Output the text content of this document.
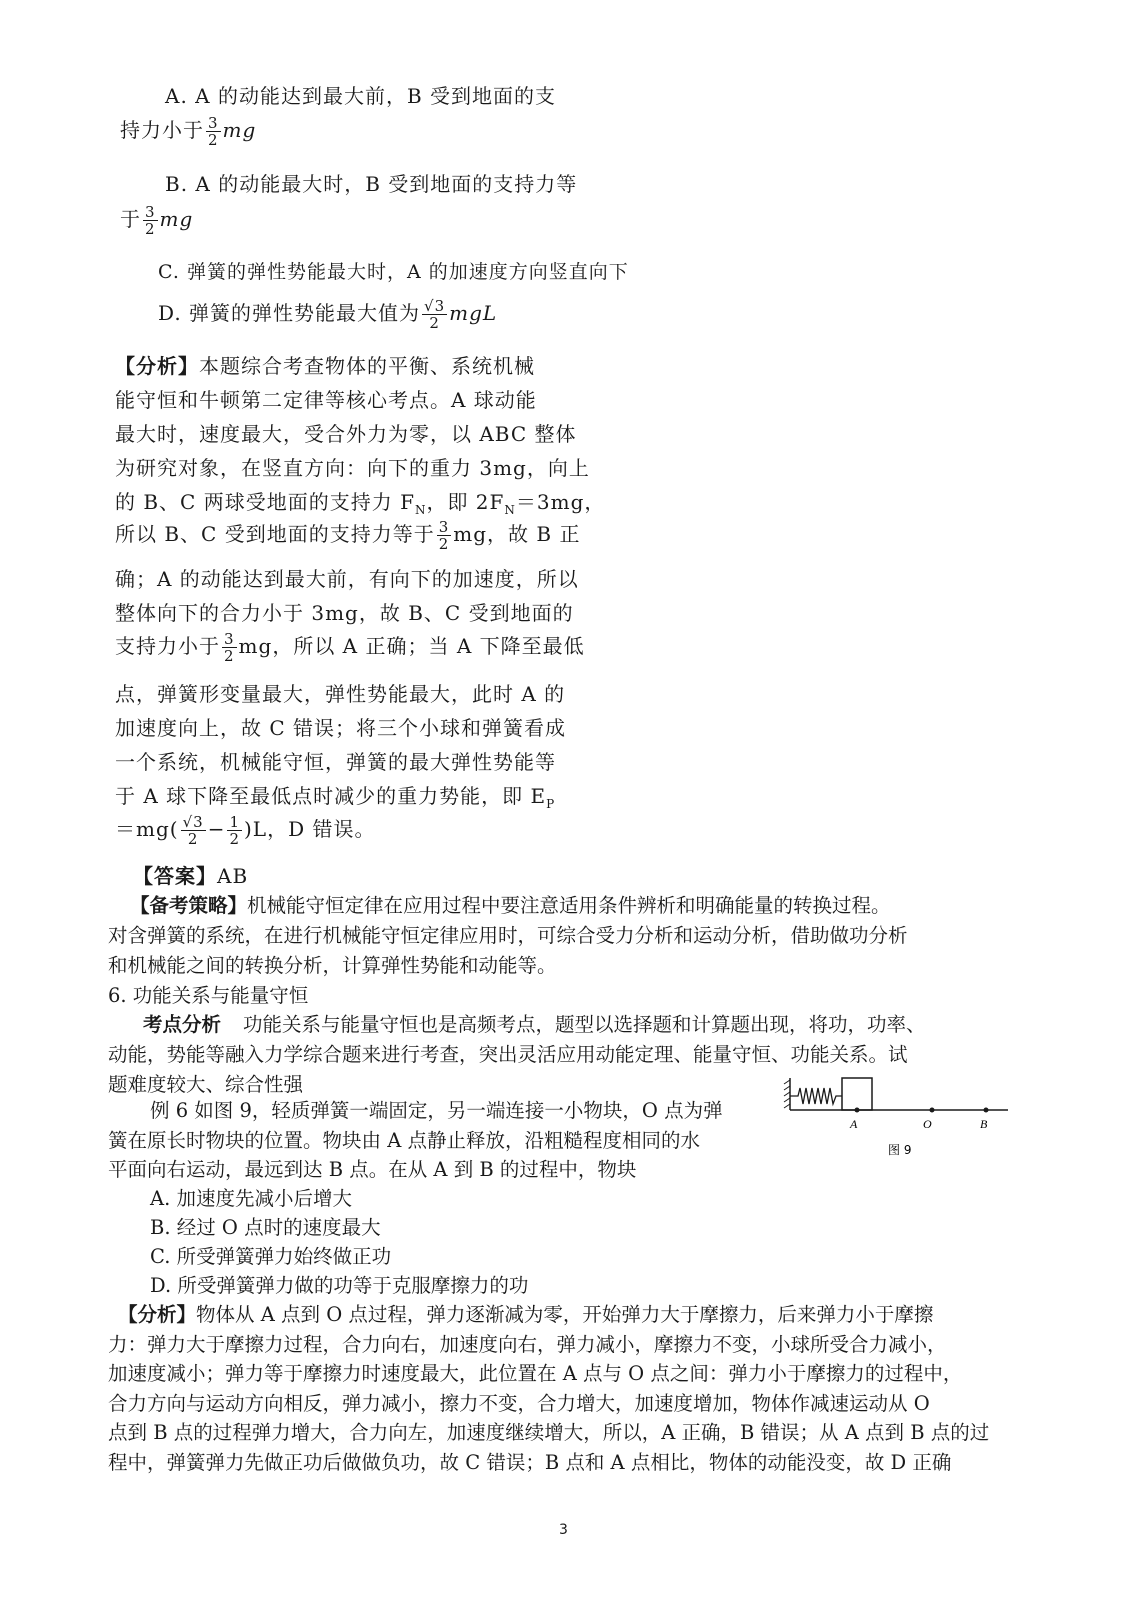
A. A 的动能达到最大前，B 受到地面的支
持力小于 $\frac{3}{2}$ mg
B. A 的动能最大时，B 受到地面的支持力等
于 $\frac{3}{2}$ mg
C. 弹簧的弹性势能最大时，A 的加速度方向竖直向下
D. 弹簧的弹性势能最大值为 $\frac{√3}{2}$ mgL
【分析】本题综合考查物体的平衡、系统机械
能守恒和牛顿第二定律等核心考点。A 球动能
最大时，速度最大，受合外力为零，以 ABC 整体
为研究对象，在竖直方向：向下的重力 3mg，向上
的 B、C 两球受地面的支持力 $F_N$，即 $2F_N=3mg$，
所以 B、C 受到地面的支持力等于 $\frac{3}{2}$ mg，故 B 正
确；A 的动能达到最大前，有向下的加速度，所以
整体向下的合力小于 3mg，故 B、C 受到地面的
支持力小于 $\frac{3}{2}$ mg，所以 A 正确；当 A 下降至最低
点，弹簧形变量最大，弹性势能最大，此时 A 的
加速度向上，故 C 错误；将三个小球和弹簧看成
一个系统，机械能守恒，弹簧的最大弹性势能等
于 A 球下降至最低点时减少的重力势能，即 $E_P$
$=mg( \frac{√3}{2} - \frac{1}{2} )L$，D 错误。
【答案】AB
【备考策略】机械能守恒定律在应用过程中要注意适用条件辨析和明确能量的转换过程。
对含弹簧的系统，在进行机械能守恒定律应用时，可综合受力分析和运动分析，借助做功分析
和机械能之间的转换分析，计算弹性势能和动能等。
6. 功能关系与能量守恒
考点分析 功能关系与能量守恒也是高频考点，题型以选择题和计算题出现，将功，功率、
动能，势能等融入力学综合题来进行考查，突出灵活应用动能定理、能量守恒、功能关系。试
题难度较大、综合性强
例 6 如图 9，轻质弹簧一端固定，另一端连接一小物块，O 点为弹
簧在原长时物块的位置。物块由 A 点静止释放，沿粗糙程度相同的水
平面向右运动，最远到达 B 点。在从 A 到 B 的过程中，物块
A. 加速度先减小后增大
B. 经过 O 点时的速度最大
C. 所受弹簧弹力始终做正功
D. 所受弹簧弹力做的功等于克服摩擦力的功
A	O	B
图 9
【分析】物体从 A 点到 O 点过程，弹力逐渐减为零，开始弹力大于摩擦力，后来弹力小于摩擦
力：弹力大于摩擦力过程，合力向右，加速度向右，弹力减小，摩擦力不变，小球所受合力减小，
加速度减小；弹力等于摩擦力时速度最大，此位置在 A 点与 O 点之间：弹力小于摩擦力的过程中，
合力方向与运动方向相反，弹力减小，擦力不变，合力增大，加速度增加，物体作减速运动从 O
点到 B 点的过程弹力增大，合力向左，加速度继续增大，所以，A 正确，B 错误；从 A 点到 B 点的过
程中，弹簧弹力先做正功后做做负功，故 C 错误；B 点和 A 点相比，物体的动能没变，故 D 正确
3
